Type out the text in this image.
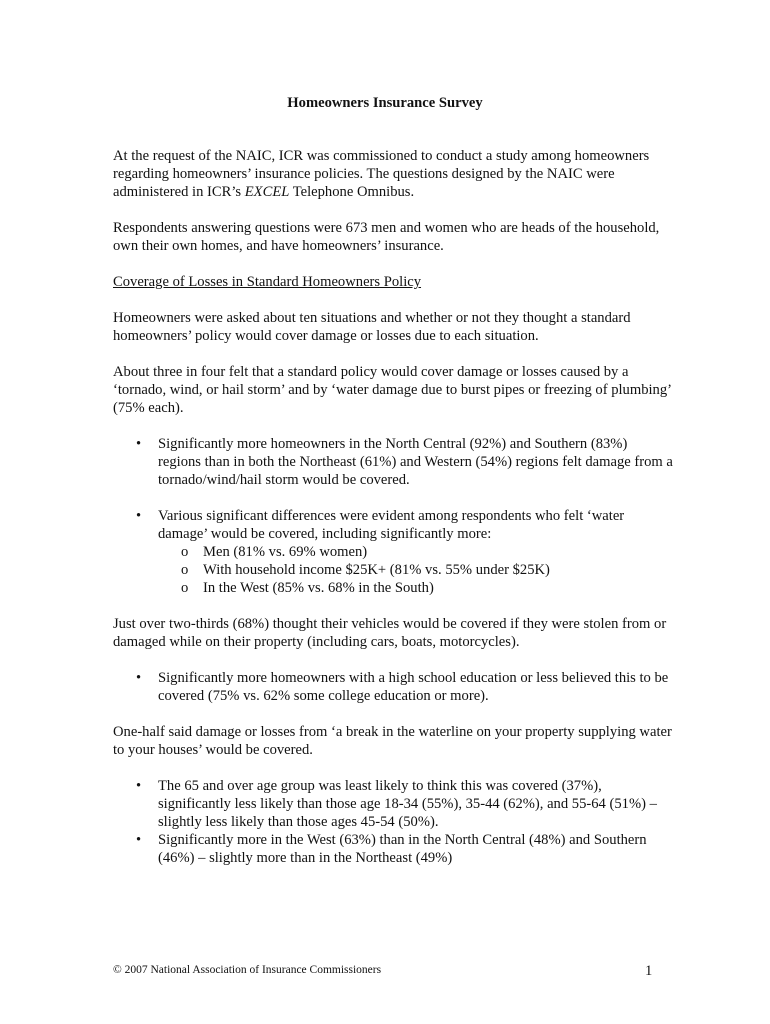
Homeowners Insurance Survey

At the request of the NAIC, ICR was commissioned to conduct a study among homeowners regarding homeowners’ insurance policies. The questions designed by the NAIC were administered in ICR’s EXCEL Telephone Omnibus.

Respondents answering questions were 673 men and women who are heads of the household, own their own homes, and have homeowners’ insurance.

Coverage of Losses in Standard Homeowners Policy

Homeowners were asked about ten situations and whether or not they thought a standard homeowners’ policy would cover damage or losses due to each situation.

About three in four felt that a standard policy would cover damage or losses caused by a ‘tornado, wind, or hail storm’ and by ‘water damage due to burst pipes or freezing of plumbing’ (75% each).

• Significantly more homeowners in the North Central (92%) and Southern (83%) regions than in both the Northeast (61%) and Western (54%) regions felt damage from a tornado/wind/hail storm would be covered.
• Various significant differences were evident among respondents who felt ‘water damage’ would be covered, including significantly more:
o Men (81% vs. 69% women)
o With household income $25K+ (81% vs. 55% under $25K)
o In the West (85% vs. 68% in the South)

Just over two-thirds (68%) thought their vehicles would be covered if they were stolen from or damaged while on their property (including cars, boats, motorcycles).

• Significantly more homeowners with a high school education or less believed this to be covered (75% vs. 62% some college education or more).

One-half said damage or losses from ‘a break in the waterline on your property supplying water to your houses’ would be covered.

• The 65 and over age group was least likely to think this was covered (37%), significantly less likely than those age 18-34 (55%), 35-44 (62%), and 55-64 (51%) – slightly less likely than those ages 45-54 (50%).
• Significantly more in the West (63%) than in the North Central (48%) and Southern (46%) – slightly more than in the Northeast (49%)
© 2007 National Association of Insurance Commissioners	1
